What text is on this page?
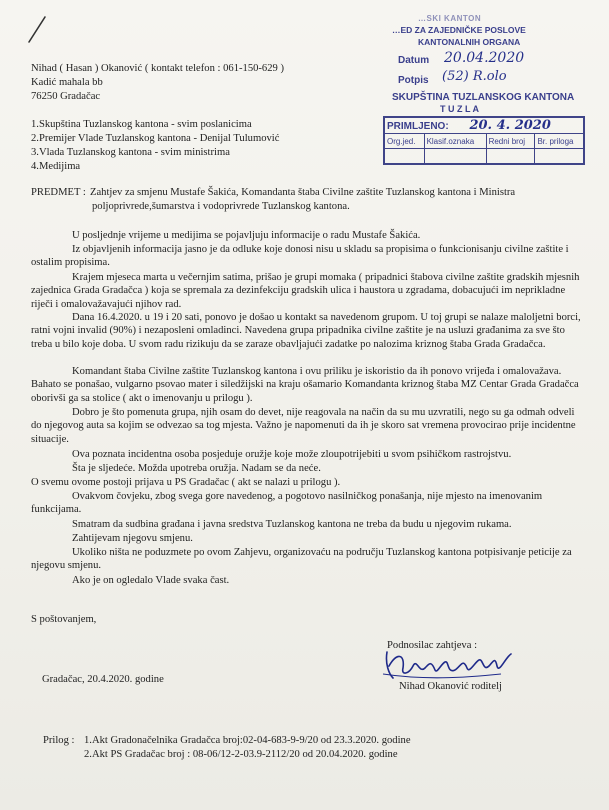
Nihad ( Hasan ) Okanović ( kontakt telefon : 061-150-629 )
Kadić mahala bb
76250 Gradačac
…SKI KANTON
…ED ZA ZAJEDNIČKE POSLOVE
KANTONALNIH ORGANA
Datum 20.04.2020
Potpis (52) R.olo
SKUPŠTINA TUZLANSKOG KANTONA
T U Z L A
PRIMLJENO: 20. 4. 2020			
Org.jed.	Klasif.oznaka	Redni broj	Br. priloga

1.Skupština Tuzlanskog kantona - svim poslanicima
2.Premijer Vlade Tuzlanskog kantona - Denijal Tulumović
3.Vlada Tuzlanskog kantona - svim ministrima
4.Medijima
PREDMET : Zahtjev za smjenu Mustafe Šakića, Komandanta štaba Civilne zaštite Tuzlanskog kantona i Ministra
poljoprivrede,šumarstva i vodoprivrede Tuzlanskog kantona.
U posljednje vrijeme u medijima se pojavljuju informacije o radu Mustafe Šakića.
Iz objavljenih informacija jasno je da odluke koje donosi nisu u skladu sa propisima o funkcionisanju civilne zaštite i ostalim propisima.
Krajem mjeseca marta u večernjim satima, prišao je grupi momaka ( pripadnici štabova civilne zaštite gradskih mjesnih zajednica Grada Gradačca ) koja se spremala za dezinfekciju gradskih ulica i haustora u zgradama, dobacujući im neprikladne riječi i omalovažavajući njihov rad.
Dana 16.4.2020. u 19 i 20 sati, ponovo je došao u kontakt sa navedenom grupom. U toj grupi se nalaze maloljetni borci, ratni vojni invalid (90%) i nezaposleni omladinci. Navedena grupa pripadnika civilne zaštite je na usluzi građanima za sve što treba u bilo koje doba. U svom radu rizikuju da se zaraze obavljajući zadatke po nalozima kriznog štaba Grada Gradačca.
Komandant štaba Civilne zaštite Tuzlanskog kantona i ovu priliku je iskoristio da ih ponovo vrijeđa i omalovažava. Bahato se ponašao, vulgarno psovao mater i siledžijski na kraju ošamario Komandanta kriznog štaba MZ Centar Grada Gradačca oborivši ga sa stolice ( akt o imenovanju u prilogu ).
Dobro je što pomenuta grupa, njih osam do devet, nije reagovala na način da su mu uzvratili, nego su ga odmah odveli do njegovog auta sa kojim se odvezao sa tog mjesta. Važno je napomenuti da ih je skoro sat vremena provocirao prije incidentne situacije.
Ova poznata incidentna osoba posjeduje oružje koje može zloupotrijebiti u svom psihičkom rastrojstvu.
Šta je sljedeće. Možda upotreba oružja. Nadam se da neće.
O svemu ovome postoji prijava u PS Gradačac ( akt se nalazi u prilogu ).
Ovakvom čovjeku, zbog svega gore navedenog, a pogotovo nasilničkog ponašanja, nije mjesto na imenovanim funkcijama.
Smatram da sudbina građana i javna sredstva Tuzlanskog kantona ne treba da budu u njegovim rukama.
Zahtijevam njegovu smjenu.
Ukoliko ništa ne poduzmete po ovom Zahjevu, organizovaću na području Tuzlanskog kantona potpisivanje peticije za njegovu smjenu.
Ako je on ogledalo Vlade svaka čast.
S poštovanjem,
Podnosilac zahtjeva :
Gradačac, 20.4.2020. godine
Nihad Okanović roditelj
Prilog : 1.Akt Gradonačelnika Gradačca broj:02-04-683-9-9/20 od 23.3.2020. godine
2.Akt PS Gradačac broj : 08-06/12-2-03.9-2112/20 od 20.04.2020. godine
